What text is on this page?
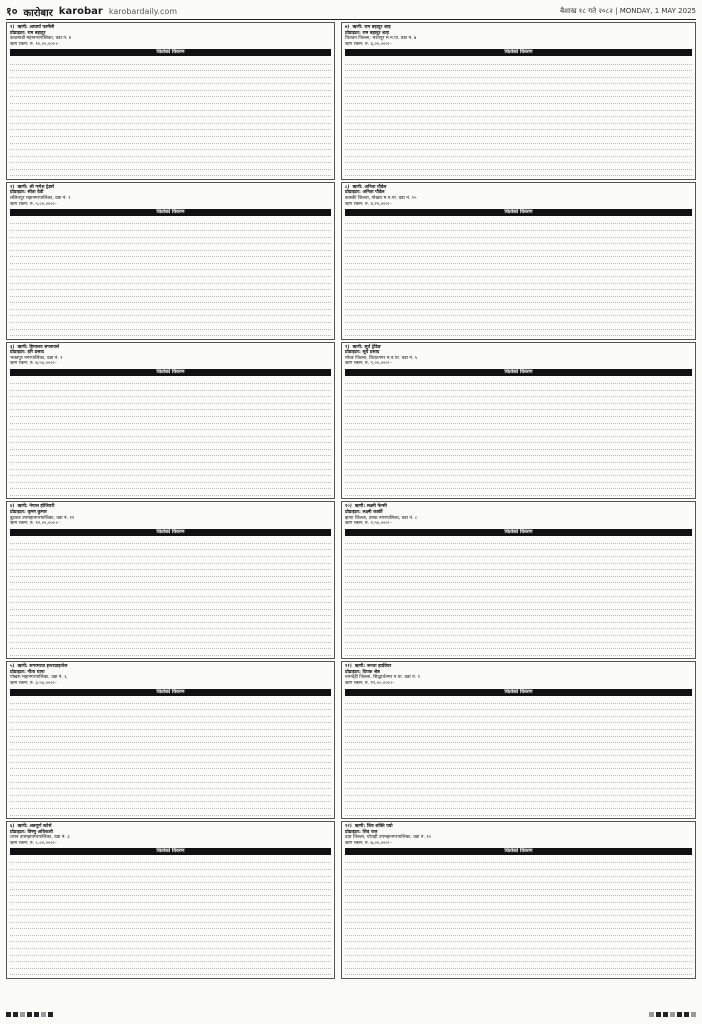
१० कारोबार karobar karobardaily.com	बैशाख १८ गते २०८२ | MONDAY, 1 MAY 2025
१) ऋणी: आचार्य फार्मेसी
प्रोप्राइटर: राम बहादुर
काठमाडौं महानगरपालिका, वडा नं. ४
ऋण रकम: रु. १०,००,०००।–
धितोको विवरण
२) ऋणी: श्री गणेश ट्रेडर्स
प्रोप्राइटर: सीता देवी
ललितपुर महानगरपालिका, वडा नं. ९
ऋण रकम: रु. ५,००,०००।–
धितोको विवरण
३) ऋणी: हिमालय सप्लायर्स
प्रोप्राइटर: हरि प्रसाद
भक्तपुर नगरपालिका, वडा नं. २
ऋण रकम: रु. ७,५०,०००।–
धितोको विवरण
४) ऋणी: नेपाल होजियरी
प्रोप्राइटर: कृष्ण कुमार
बुटवल उपमहानगरपालिका, वडा नं. ११
ऋण रकम: रु. १२,००,०००।–
धितोको विवरण
५) ऋणी: सगरमाथा इन्टरप्राइजेज
प्रोप्राइटर: गीता थापा
पोखरा महानगरपालिका, वडा नं. ६
ऋण रकम: रु. ३,५०,०००।–
धितोको विवरण
६) ऋणी: अन्नपूर्ण स्टोर्स
प्रोप्राइटर: विष्णु अधिकारी
धरान उपमहानगरपालिका, वडा नं. ३
ऋण रकम: रु. ८,००,०००।–
धितोको विवरण
७) ऋणी: राम बहादुर शाह
प्रोप्राइटर: राम बहादुर शाह
चितवन जिल्ला, भरतपुर म.न.पा. वडा नं. ७
ऋण रकम: रु. ६,००,०००।–
धितोको विवरण
८) ऋणी: अनिता पौडेल
प्रोप्राइटर: अनिता पौडेल
कास्की जिल्ला, पोखरा म.न.पा. वडा नं. १५
ऋण रकम: रु. ४,२५,०००।–
धितोको विवरण
९) ऋणी: सूर्य ट्रेडिङ
प्रोप्राइटर: सूर्य प्रसाद
मोरङ जिल्ला, विराटनगर म.न.पा. वडा नं. ५
ऋण रकम: रु. ९,००,०००।–
धितोको विवरण
१०) ऋणी: लक्ष्मी फेन्सी
प्रोप्राइटर: लक्ष्मी कार्की
झापा जिल्ला, दमक नगरपालिका, वडा नं. ८
ऋण रकम: रु. २,५०,०००।–
धितोको विवरण
११) ऋणी: जनता हार्डवेयर
प्रोप्राइटर: दिपक श्रेष्ठ
रुपन्देही जिल्ला, सिद्धार्थनगर न.पा. वडा नं. १
ऋण रकम: रु. ११,००,०००।–
धितोको विवरण
१२) ऋणी: शिव शक्ति एग्रो
प्रोप्राइटर: शिव राज
दाङ जिल्ला, घोराही उपमहानगरपालिका, वडा नं. १०
ऋण रकम: रु. ७,००,०००।–
धितोको विवरण
